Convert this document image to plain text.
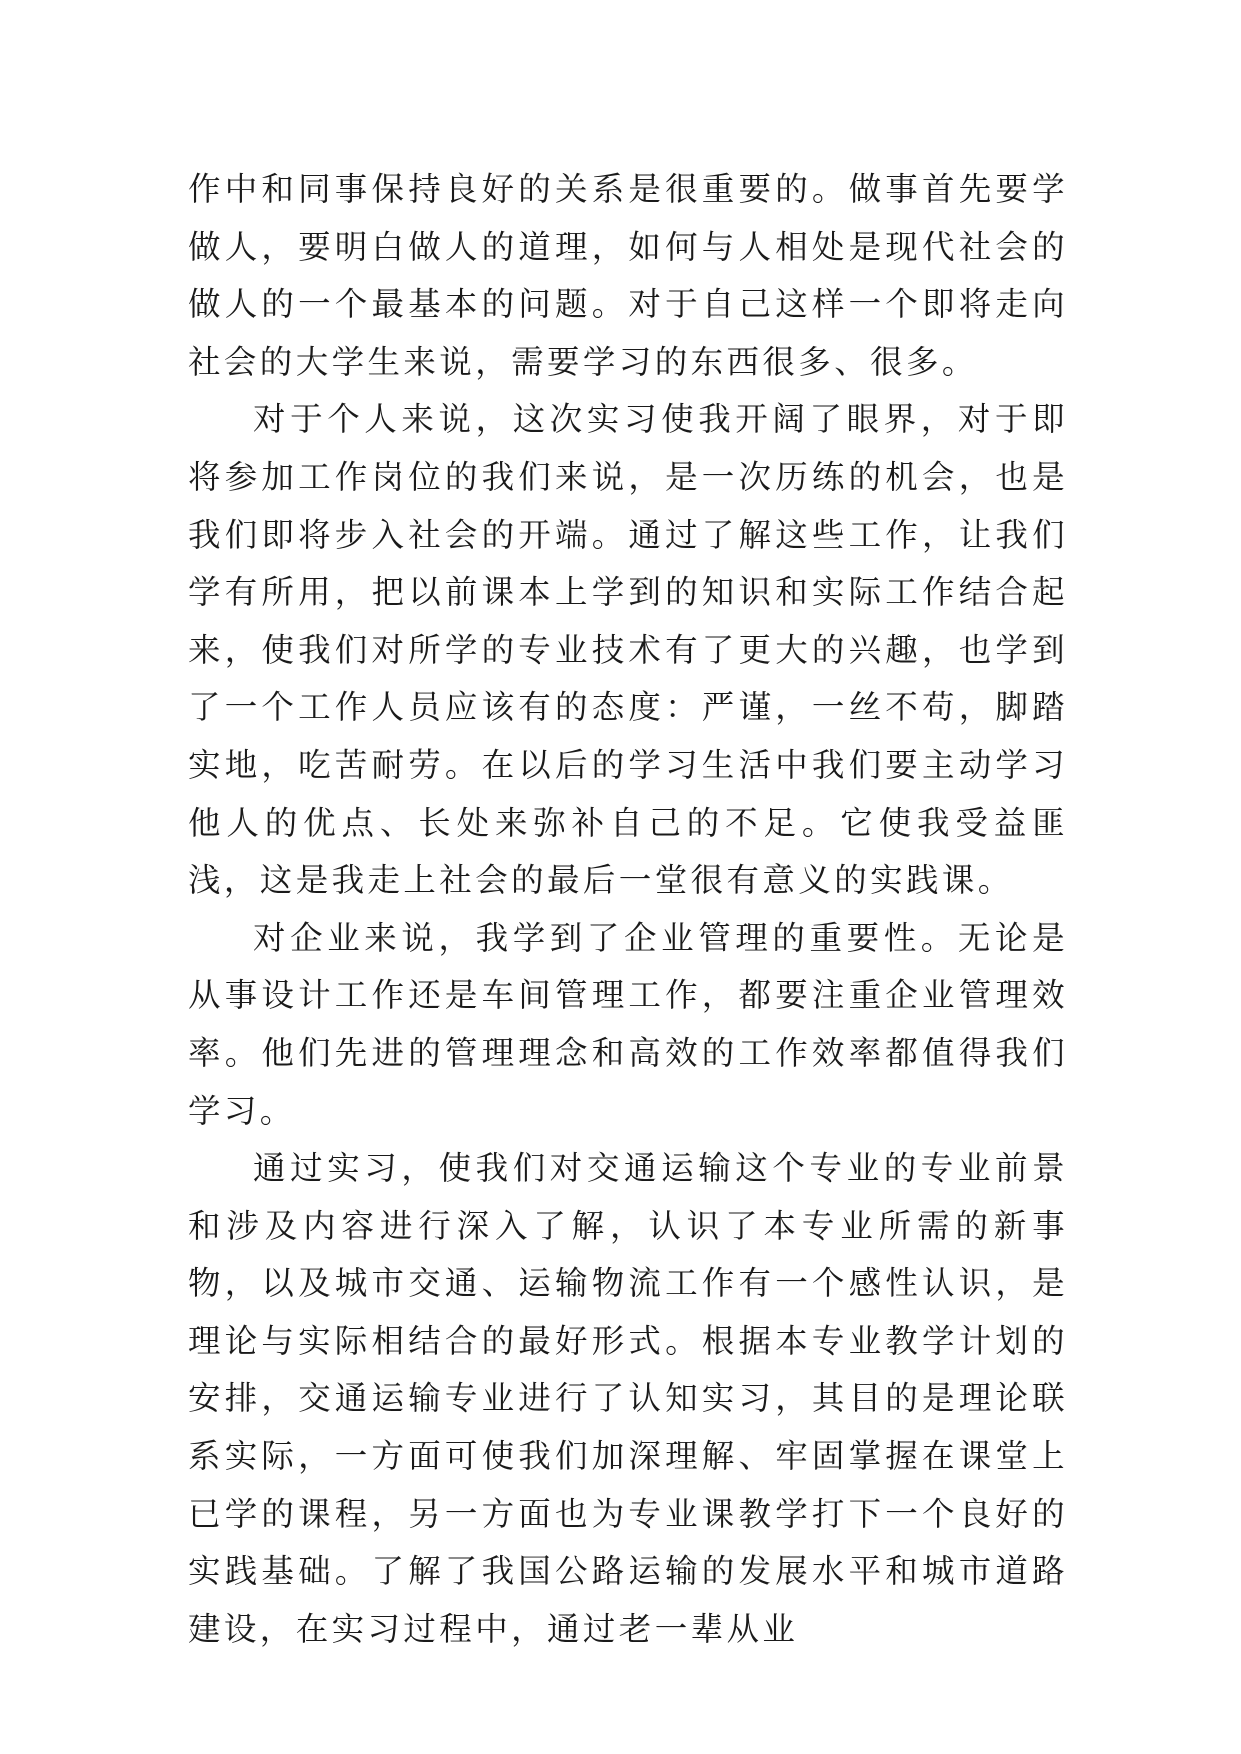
作中和同事保持良好的关系是很重要的。做事首先要学做人，要明白做人的道理，如何与人相处是现代社会的做人的一个最基本的问题。对于自己这样一个即将走向社会的大学生来说，需要学习的东西很多、很多。

对于个人来说，这次实习使我开阔了眼界，对于即将参加工作岗位的我们来说，是一次历练的机会，也是我们即将步入社会的开端。通过了解这些工作，让我们学有所用，把以前课本上学到的知识和实际工作结合起来，使我们对所学的专业技术有了更大的兴趣，也学到了一个工作人员应该有的态度：严谨，一丝不苟，脚踏实地，吃苦耐劳。在以后的学习生活中我们要主动学习他人的优点、长处来弥补自己的不足。它使我受益匪浅，这是我走上社会的最后一堂很有意义的实践课。

对企业来说，我学到了企业管理的重要性。无论是从事设计工作还是车间管理工作，都要注重企业管理效率。他们先进的管理理念和高效的工作效率都值得我们学习。

通过实习，使我们对交通运输这个专业的专业前景和涉及内容进行深入了解，认识了本专业所需的新事物，以及城市交通、运输物流工作有一个感性认识，是理论与实际相结合的最好形式。根据本专业教学计划的安排，交通运输专业进行了认知实习，其目的是理论联系实际，一方面可使我们加深理解、牢固掌握在课堂上已学的课程，另一方面也为专业课教学打下一个良好的实践基础。了解了我国公路运输的发展水平和城市道路建设，在实习过程中，通过老一辈从业
